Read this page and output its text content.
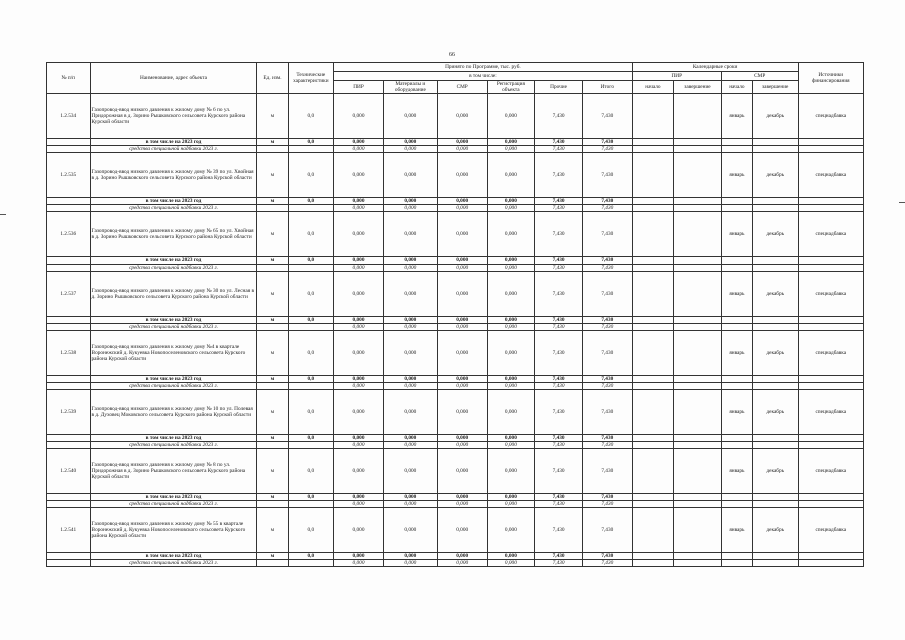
66
№ п/п	Наименование, адрес объекта	Ед. изм.	Технические характеристики	Принято по Программе, тыс. руб.						Календарные сроки				Источники финансирования
				в том числе:						ПИР		СМР		
				ПИР	Материалы и оборудование	СМР	Регистрация объекта	Прочие	Итого	начало	завершение	начало	завершение	
1.2.534	Газопровод-ввод низкого давления к жилому дому № 6 по ул. Придорожная в д. Зорино Рышковского сельсовета Курского района Курской области	м	0,0	0,000	0,000	0,000	0,000	7,430	7,430			январь	декабрь	спецнадбавка
	в том числе на 2023 год	м	0,0	0,000	0,000	0,000	0,000	7,430	7,430					
	средства специальной надбавки 2023 г.			0,000	0,000	0,000	0,000	7,430	7,430					
1.2.535	Газопровод-ввод низкого давления к жилому дому № 39 по ул. Хвойная в д. Зорино Рышковского сельсовета Курского района Курской области	м	0,0	0,000	0,000	0,000	0,000	7,430	7,430			январь	декабрь	спецнадбавка
	в том числе на 2023 год	м	0,0	0,000	0,000	0,000	0,000	7,430	7,430					
	средства специальной надбавки 2023 г.			0,000	0,000	0,000	0,000	7,430	7,430					
1.2.536	Газопровод-ввод низкого давления к жилому дому № 65 по ул. Хвойная в д. Зорино Рышковского сельсовета Курского района Курской области	м	0,0	0,000	0,000	0,000	0,000	7,430	7,430			январь	декабрь	спецнадбавка
	в том числе на 2023 год	м	0,0	0,000	0,000	0,000	0,000	7,430	7,430					
	средства специальной надбавки 2023 г.			0,000	0,000	0,000	0,000	7,430	7,430					
1.2.537	Газопровод-ввод низкого давления к жилому дому № 30 по ул. Лесная в д. Зорино Рышковского сельсовета Курского района Курской области	м	0,0	0,000	0,000	0,000	0,000	7,430	7,430			январь	декабрь	спецнадбавка
	в том числе на 2023 год	м	0,0	0,000	0,000	0,000	0,000	7,430	7,430					
	средства специальной надбавки 2023 г.			0,000	0,000	0,000	0,000	7,430	7,430					
1.2.538	Газопровод-ввод низкого давления к жилому дому №4 в квартале Воронежский д. Кукуевка Новопоселеновского сельсовета Курского района Курской области	м	0,0	0,000	0,000	0,000	0,000	7,430	7,430			январь	декабрь	спецнадбавка
	в том числе на 2023 год	м	0,0	0,000	0,000	0,000	0,000	7,430	7,430					
	средства специальной надбавки 2023 г.			0,000	0,000	0,000	0,000	7,430	7,430					
1.2.539	Газопровод-ввод низкого давления к жилому дому № 10 по ул. Полевая в д. Духовец Моковского сельсовета Курского района Курской области	м	0,0	0,000	0,000	0,000	0,000	7,430	7,430			январь	декабрь	спецнадбавка
	в том числе на 2023 год	м	0,0	0,000	0,000	0,000	0,000	7,430	7,430					
	средства специальной надбавки 2023 г.			0,000	0,000	0,000	0,000	7,430	7,430					
1.2.540	Газопровод-ввод низкого давления к жилому дому № 8 по ул. Придорожная в д. Зорино Рышковского сельсовета Курского района Курской области	м	0,0	0,000	0,000	0,000	0,000	7,430	7,430			январь	декабрь	спецнадбавка
	в том числе на 2023 год	м	0,0	0,000	0,000	0,000	0,000	7,430	7,430					
	средства специальной надбавки 2023 г.			0,000	0,000	0,000	0,000	7,430	7,430					
1.2.541	Газопровод-ввод низкого давления к жилому дому № 55 в квартале Воронежский д. Кукуевка Новопоселеновского сельсовета Курского района Курской области	м	0,0	0,000	0,000	0,000	0,000	7,430	7,430			январь	декабрь	спецнадбавка
	в том числе на 2023 год	м	0,0	0,000	0,000	0,000	0,000	7,430	7,430					
	средства специальной надбавки 2023 г.			0,000	0,000	0,000	0,000	7,430	7,430					
